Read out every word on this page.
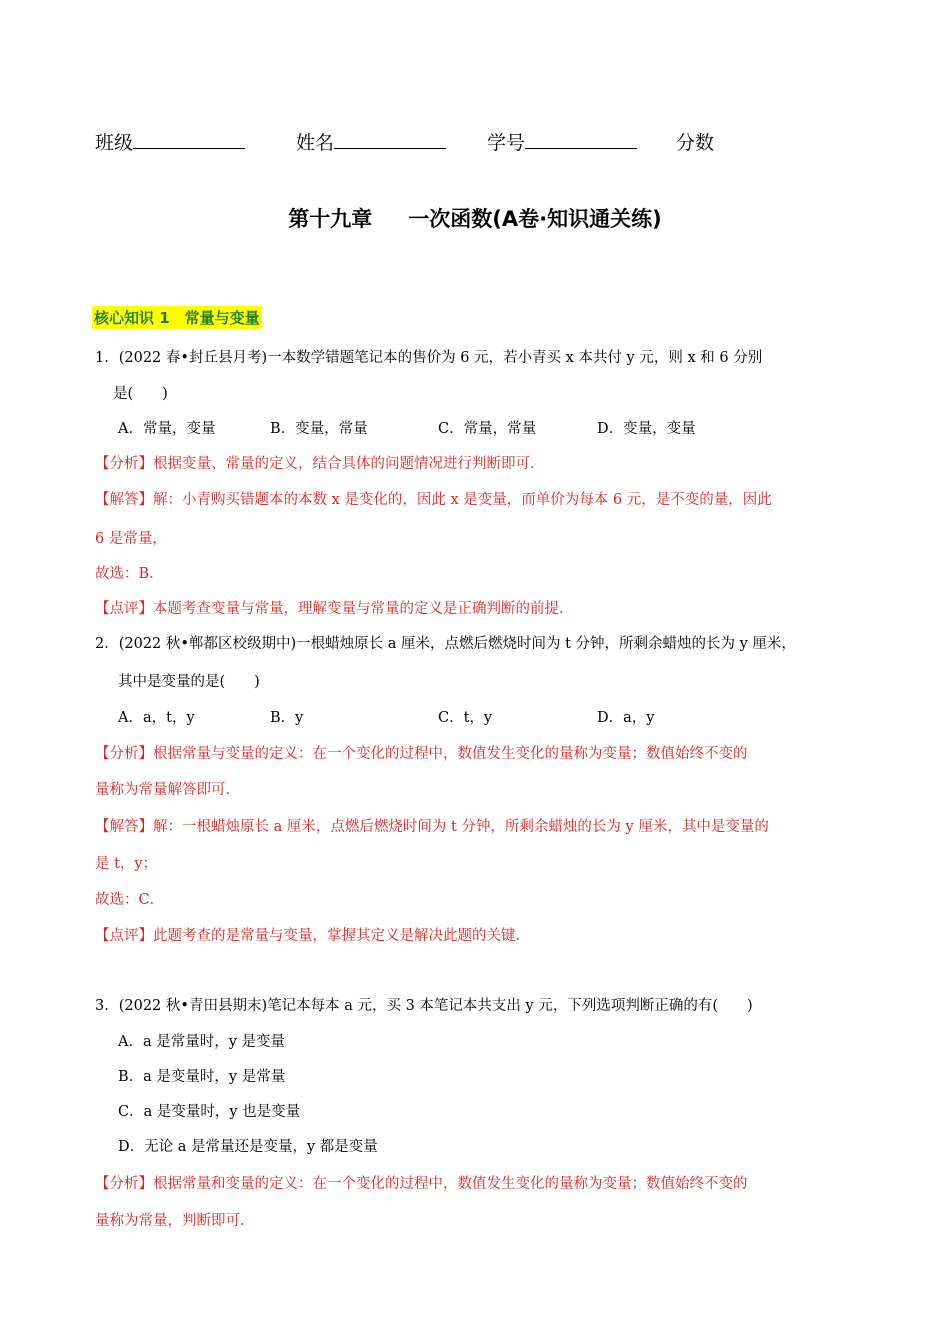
班级	姓名	学号	分数
第十九章 一次函数(A卷·知识通关练)
核心知识 1　常量与变量
1．(2022 春•封丘县月考)一本数学错题笔记本的售价为 6 元，若小青买 x 本共付 y 元，则 x 和 6 分别
是(　　)
A．常量，变量	B．变量，常量	C．常量，常量	D．变量，变量
【分析】根据变量、常量的定义，结合具体的问题情况进行判断即可．
【解答】解：小青购买错题本的本数 x 是变化的，因此 x 是变量，而单价为每本 6 元，是不变的量，因此
6 是常量，
故选：B．
【点评】本题考查变量与常量，理解变量与常量的定义是正确判断的前提．
2．(2022 秋•郸都区校级期中)一根蜡烛原长 a 厘米，点燃后燃烧时间为 t 分钟，所剩余蜡烛的长为 y 厘米，
其中是变量的是(　　)
A．a，t，y	B．y	C．t，y	D．a，y
【分析】根据常量与变量的定义：在一个变化的过程中，数值发生变化的量称为变量；数值始终不变的
量称为常量解答即可．
【解答】解：一根蜡烛原长 a 厘米，点燃后燃烧时间为 t 分钟，所剩余蜡烛的长为 y 厘米，其中是变量的
是 t，y；
故选：C．
【点评】此题考查的是常量与变量，掌握其定义是解决此题的关键．
3．(2022 秋•青田县期末)笔记本每本 a 元，买 3 本笔记本共支出 y 元，下列选项判断正确的有(　　)
A．a 是常量时，y 是变量
B．a 是变量时，y 是常量
C．a 是变量时，y 也是变量
D．无论 a 是常量还是变量，y 都是变量
【分析】根据常量和变量的定义：在一个变化的过程中，数值发生变化的量称为变量；数值始终不变的
量称为常量，判断即可．
